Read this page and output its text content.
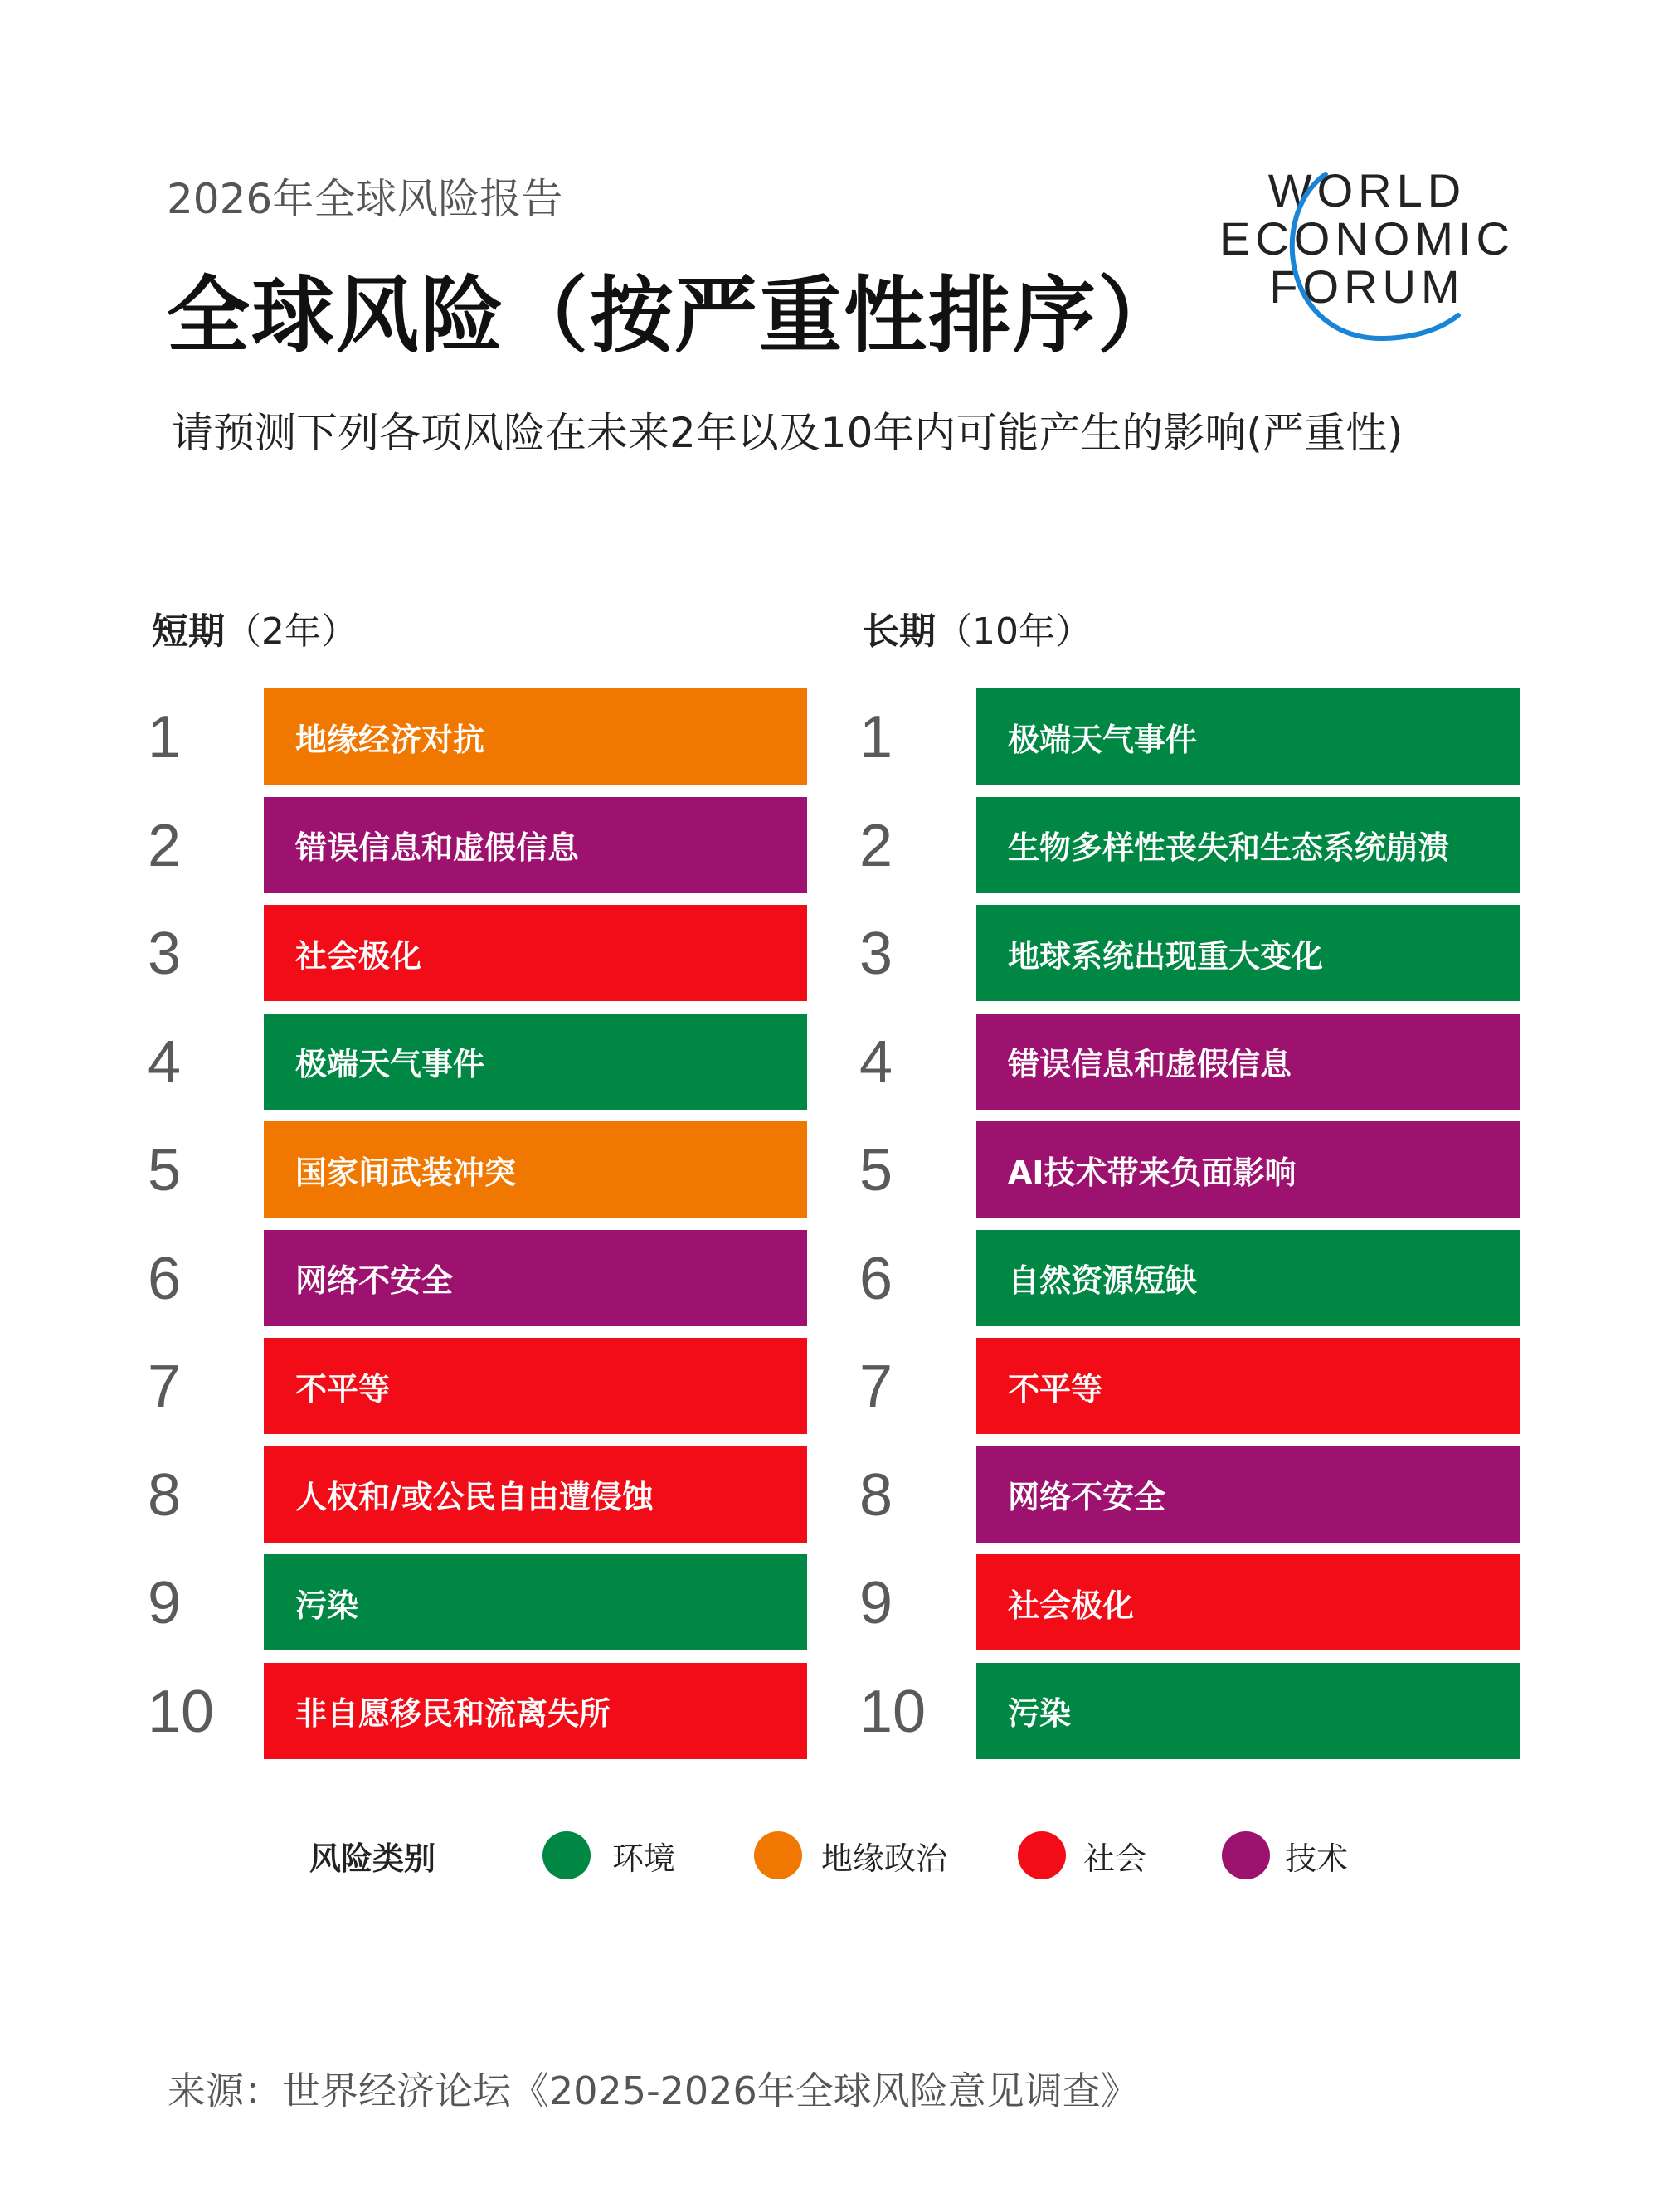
2026年全球风险报告
全球风险（按严重性排序）
请预测下列各项风险在未来2年以及10年内可能产生的影响(严重性)
WORLD
ECONOMIC
FORUM
短期（2年）	长期（10年）
1	地缘经济对抗
2	错误信息和虚假信息
3	社会极化
4	极端天气事件
5	国家间武装冲突
6	网络不安全
7	不平等
8	人权和/或公民自由遭侵蚀
9	污染
10	非自愿移民和流离失所
1	极端天气事件
2	生物多样性丧失和生态系统崩溃
3	地球系统出现重大变化
4	错误信息和虚假信息
5	AI技术带来负面影响
6	自然资源短缺
7	不平等
8	网络不安全
9	社会极化
10	污染
风险类别	环境	地缘政治	社会	技术
来源：世界经济论坛《2025-2026年全球风险意见调查》
